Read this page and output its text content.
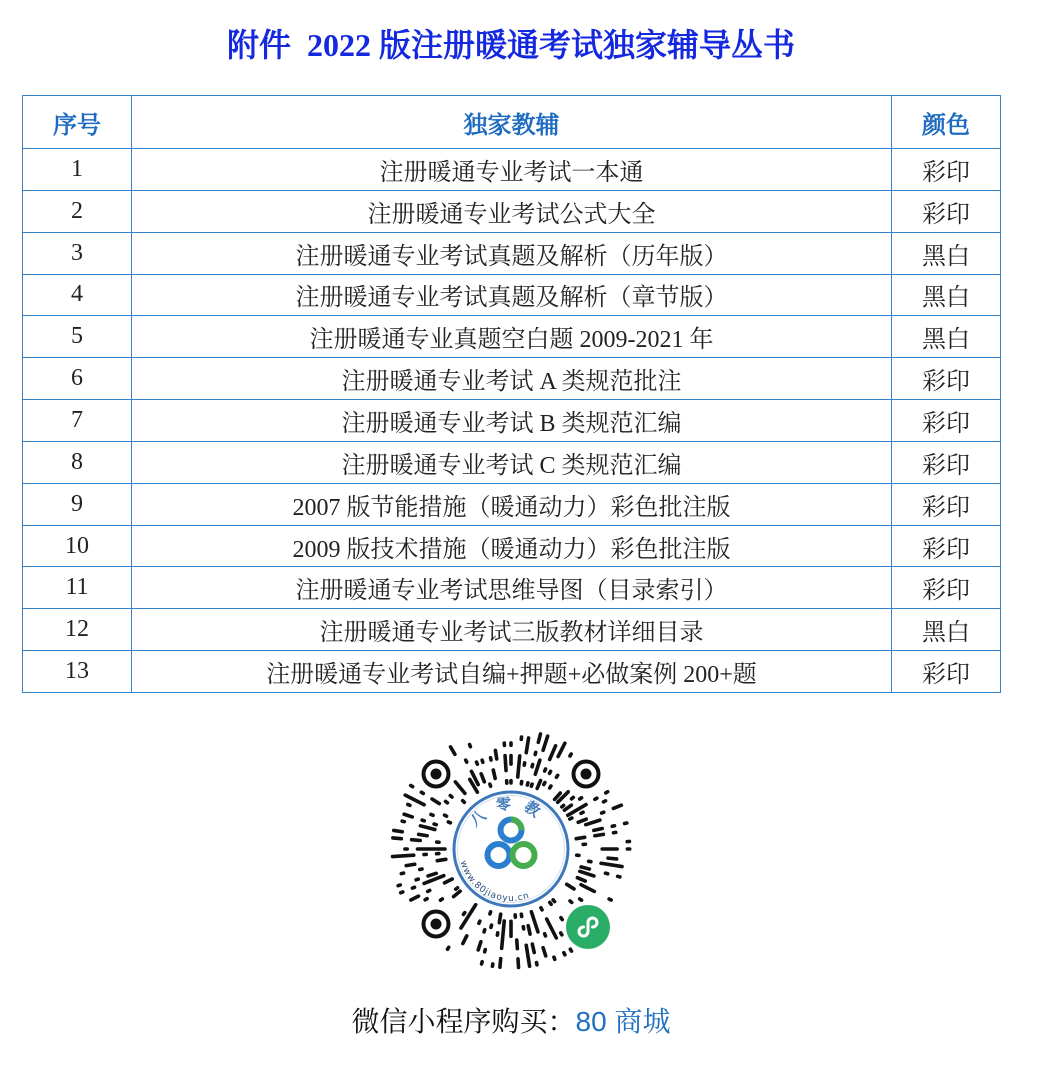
附件  2022 版注册暖通考试独家辅导丛书
序号	独家教辅	颜色
1	注册暖通专业考试一本通	彩印
2	注册暖通专业考试公式大全	彩印
3	注册暖通专业考试真题及解析（历年版）	黑白
4	注册暖通专业考试真题及解析（章节版）	黑白
5	注册暖通专业真题空白题 2009-2021 年	黑白
6	注册暖通专业考试 A 类规范批注	彩印
7	注册暖通专业考试 B 类规范汇编	彩印
8	注册暖通专业考试 C 类规范汇编	彩印
9	2007 版节能措施（暖通动力）彩色批注版	彩印
10	2009 版技术措施（暖通动力）彩色批注版	彩印
11	注册暖通专业考试思维导图（目录索引）	彩印
12	注册暖通专业考试三版教材详细目录	黑白
13	注册暖通专业考试自编+押题+必做案例 200+题	彩印
八零教育
www.80jiaoyu.cn
微信小程序购买：80 商城
